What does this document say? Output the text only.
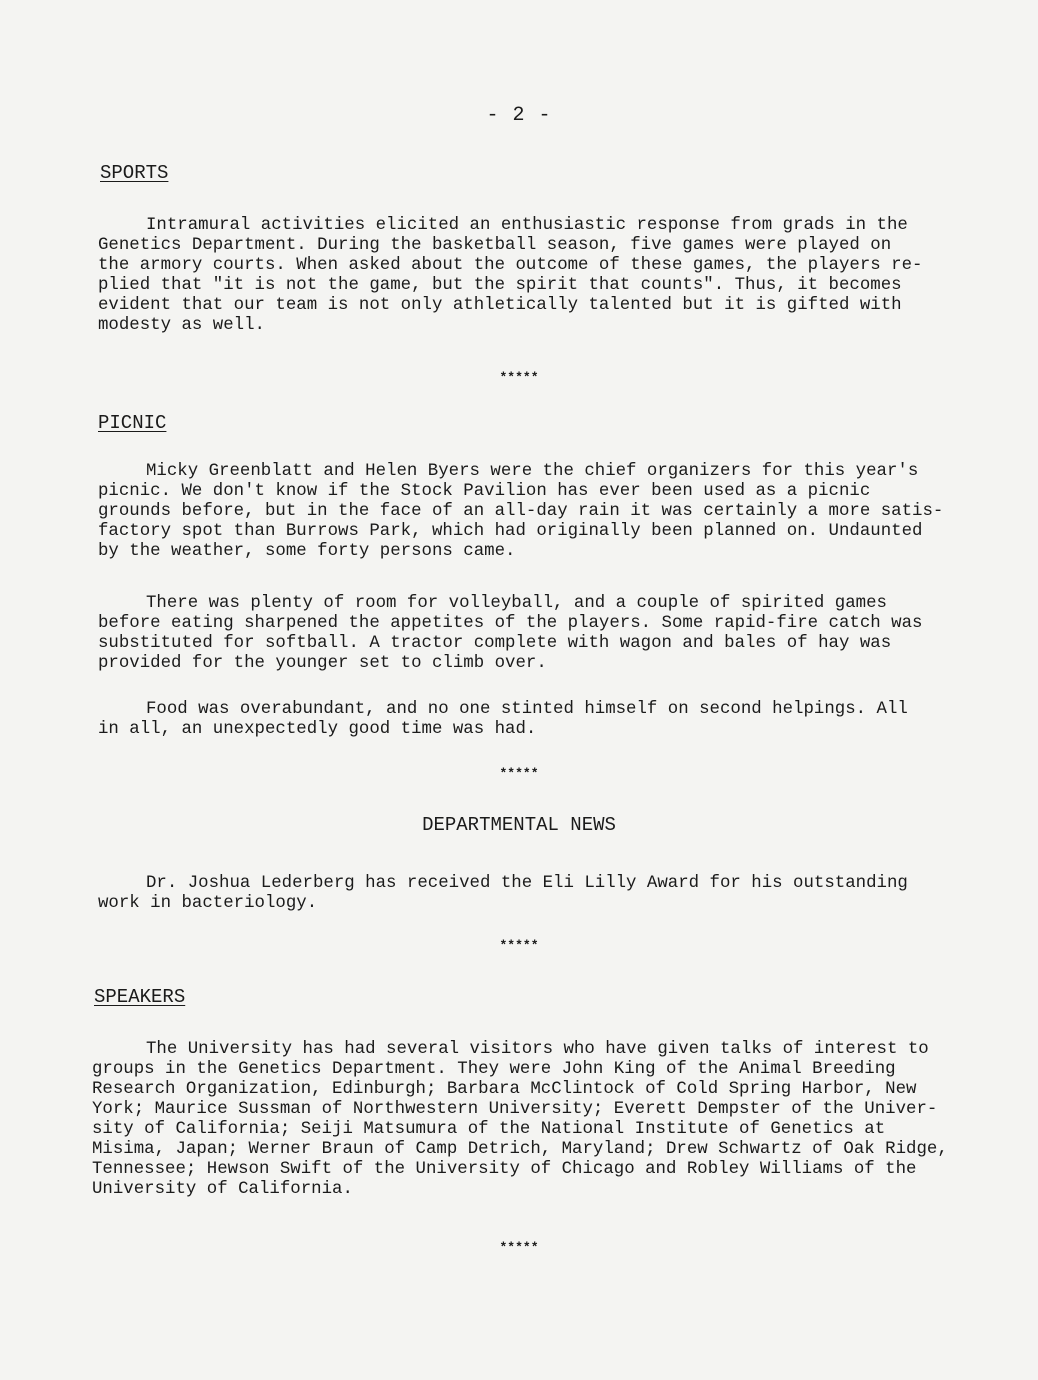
- 2 -
SPORTS
Intramural activities elicited an enthusiastic response from grads in the
Genetics Department. During the basketball season, five games were played on
the armory courts. When asked about the outcome of these games, the players re-
plied that "it is not the game, but the spirit that counts". Thus, it becomes
evident that our team is not only athletically talented but it is gifted with
modesty as well.
*****
PICNIC
Micky Greenblatt and Helen Byers were the chief organizers for this year's
picnic. We don't know if the Stock Pavilion has ever been used as a picnic
grounds before, but in the face of an all-day rain it was certainly a more satis-
factory spot than Burrows Park, which had originally been planned on. Undaunted
by the weather, some forty persons came.
There was plenty of room for volleyball, and a couple of spirited games
before eating sharpened the appetites of the players. Some rapid-fire catch was
substituted for softball. A tractor complete with wagon and bales of hay was
provided for the younger set to climb over.
Food was overabundant, and no one stinted himself on second helpings. All
in all, an unexpectedly good time was had.
*****
DEPARTMENTAL NEWS
Dr. Joshua Lederberg has received the Eli Lilly Award for his outstanding
work in bacteriology.
*****
SPEAKERS
The University has had several visitors who have given talks of interest to
groups in the Genetics Department. They were John King of the Animal Breeding
Research Organization, Edinburgh; Barbara McClintock of Cold Spring Harbor, New
York; Maurice Sussman of Northwestern University; Everett Dempster of the Univer-
sity of California; Seiji Matsumura of the National Institute of Genetics at
Misima, Japan; Werner Braun of Camp Detrich, Maryland; Drew Schwartz of Oak Ridge,
Tennessee; Hewson Swift of the University of Chicago and Robley Williams of the
University of California.
*****
